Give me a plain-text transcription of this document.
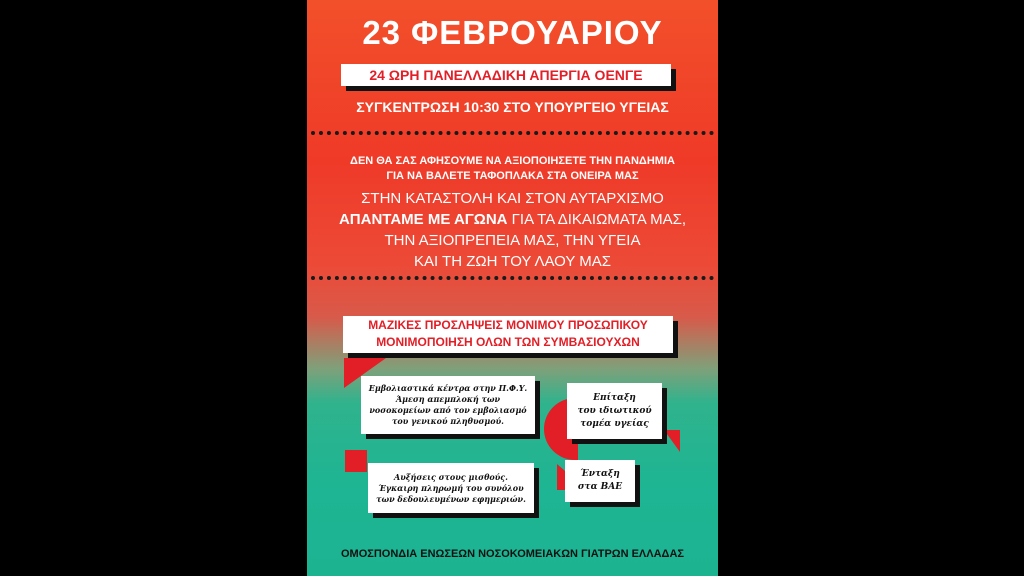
23 ΦΕΒΡΟΥΑΡΙΟΥ
24 ΩΡΗ ΠΑΝΕΛΛΑΔΙΚΗ ΑΠΕΡΓΙΑ ΟΕΝΓΕ
ΣΥΓΚΕΝΤΡΩΣΗ 10:30 ΣΤΟ ΥΠΟΥΡΓΕΙΟ ΥΓΕΙΑΣ
ΔΕΝ ΘΑ ΣΑΣ ΑΦΗΣΟΥΜΕ ΝΑ ΑΞΙΟΠΟΙΗΣΕΤΕ ΤΗΝ ΠΑΝΔΗΜΙΑ
ΓΙΑ ΝΑ ΒΑΛΕΤΕ ΤΑΦΟΠΛΑΚΑ ΣΤΑ ΟΝΕΙΡΑ ΜΑΣ
ΣΤΗΝ ΚΑΤΑΣΤΟΛΗ ΚΑΙ ΣΤΟΝ ΑΥΤΑΡΧΙΣΜΟ
ΑΠΑΝΤΑΜΕ ΜΕ ΑΓΩΝΑ ΓΙΑ ΤΑ ΔΙΚΑΙΩΜΑΤΑ ΜΑΣ,
ΤΗΝ ΑΞΙΟΠΡΕΠΕΙΑ ΜΑΣ, ΤΗΝ ΥΓΕΙΑ
ΚΑΙ ΤΗ ΖΩΗ ΤΟΥ ΛΑΟΥ ΜΑΣ
ΜΑΖΙΚΕΣ ΠΡΟΣΛΗΨΕΙΣ ΜΟΝΙΜΟΥ ΠΡΟΣΩΠΙΚΟΥ
ΜΟΝΙΜΟΠΟΙΗΣΗ ΟΛΩΝ ΤΩΝ ΣΥΜΒΑΣΙΟΥΧΩΝ
Εμβολιαστικά κέντρα στην Π.Φ.Υ.
Άμεση απεμπλοκή των
νοσοκομείων από τον εμβολιασμό
του γενικού πληθυσμού.
Επίταξη
του ιδιωτικού
τομέα υγείας
Αυξήσεις στους μισθούς.
Έγκαιρη πληρωμή του συνόλου
των δεδουλευμένων εφημεριών.
Ένταξη
στα ΒΑΕ
ΟΜΟΣΠΟΝΔΙΑ ΕΝΩΣΕΩΝ ΝΟΣΟΚΟΜΕΙΑΚΩΝ ΓΙΑΤΡΩΝ ΕΛΛΑΔΑΣ
